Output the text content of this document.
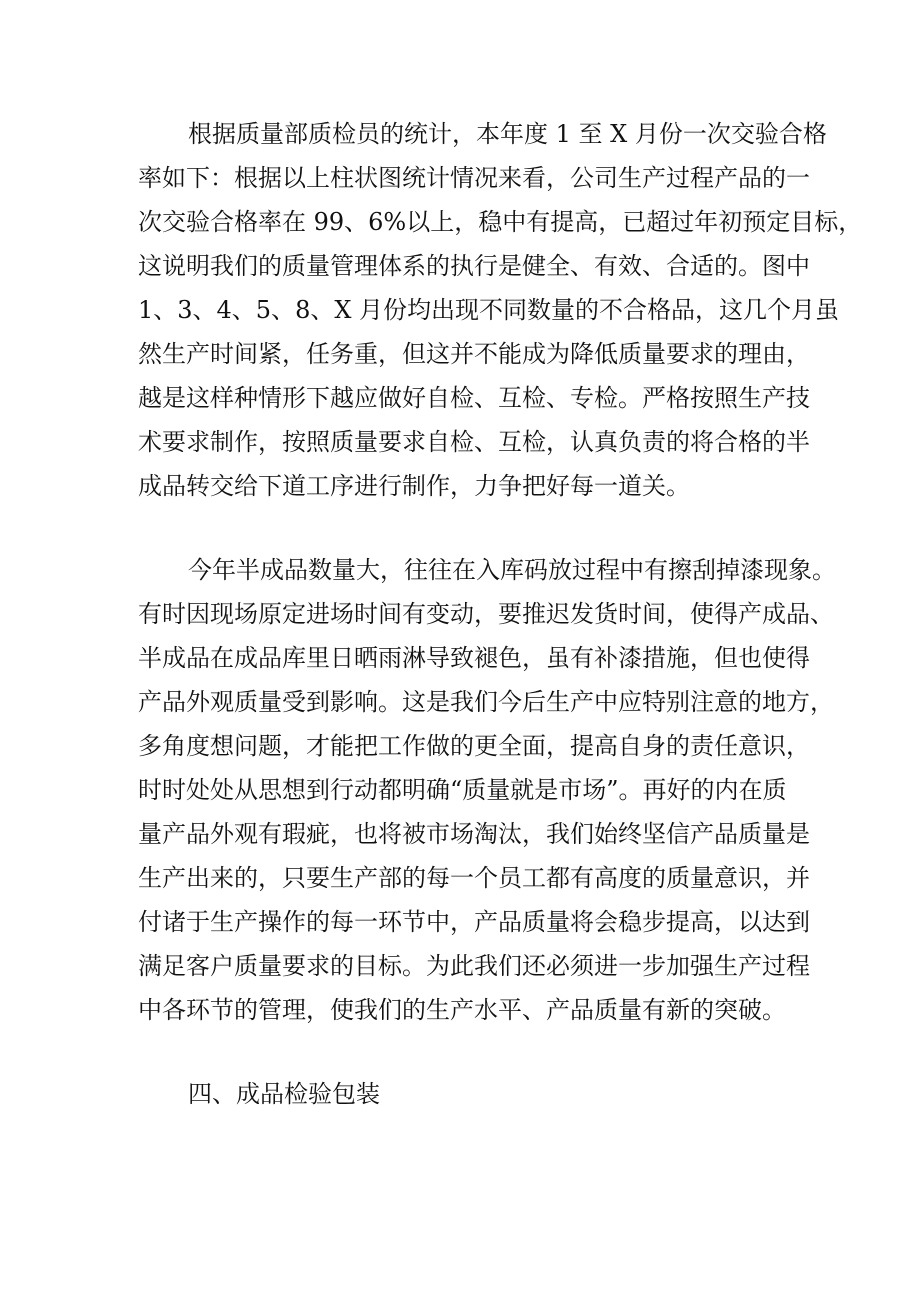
根据质量部质检员的统计，本年度 1 至 X 月份一次交验合格
率如下：根据以上柱状图统计情况来看，公司生产过程产品的一
次交验合格率在 99、6%以上，稳中有提高，已超过年初预定目标，
这说明我们的质量管理体系的执行是健全、有效、合适的。图中
1、3、4、5、8、X 月份均出现不同数量的不合格品，这几个月虽
然生产时间紧，任务重，但这并不能成为降低质量要求的理由，
越是这样种情形下越应做好自检、互检、专检。严格按照生产技
术要求制作，按照质量要求自检、互检，认真负责的将合格的半
成品转交给下道工序进行制作，力争把好每一道关。
今年半成品数量大，往往在入库码放过程中有擦刮掉漆现象。
有时因现场原定进场时间有变动，要推迟发货时间，使得产成品、
半成品在成品库里日晒雨淋导致褪色，虽有补漆措施，但也使得
产品外观质量受到影响。这是我们今后生产中应特别注意的地方，
多角度想问题，才能把工作做的更全面，提高自身的责任意识，
时时处处从思想到行动都明确“质量就是市场”。再好的内在质
量产品外观有瑕疵，也将被市场淘汰，我们始终坚信产品质量是
生产出来的，只要生产部的每一个员工都有高度的质量意识，并
付诸于生产操作的每一环节中，产品质量将会稳步提高，以达到
满足客户质量要求的目标。为此我们还必须进一步加强生产过程
中各环节的管理，使我们的生产水平、产品质量有新的突破。
四、成品检验包装
